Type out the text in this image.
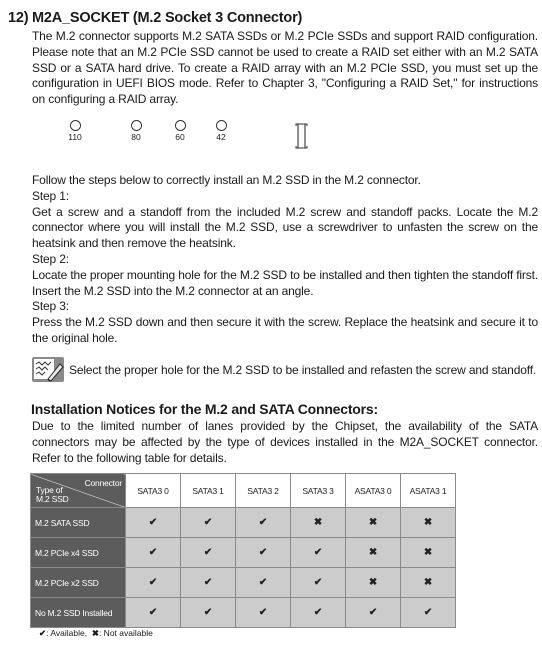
12) M2A_SOCKET (M.2 Socket 3 Connector)
The M.2 connector supports M.2 SATA SSDs or M.2 PCIe SSDs and support RAID configuration. Please note that an M.2 PCIe SSD cannot be used to create a RAID set either with an M.2 SATA SSD or a SATA hard drive. To create a RAID array with an M.2 PCIe SSD, you must set up the configuration in UEFI BIOS mode. Refer to Chapter 3, "Configuring a RAID Set," for instructions on configuring a RAID array.
110	80	60	42
Follow the steps below to correctly install an M.2 SSD in the M.2 connector.
Step 1:
Get a screw and a standoff from the included M.2 screw and standoff packs. Locate the M.2 connector where you will install the M.2 SSD, use a screwdriver to unfasten the screw on the heatsink and then remove the heatsink.
Step 2:
Locate the proper mounting hole for the M.2 SSD to be installed and then tighten the standoff first. Insert the M.2 SSD into the M.2 connector at an angle.
Step 3:
Press the M.2 SSD down and then secure it with the screw. Replace the heatsink and secure it to the original hole.
Select the proper hole for the M.2 SSD to be installed and refasten the screw and standoff.
Installation Notices for the M.2 and SATA Connectors:
Due to the limited number of lanes provided by the Chipset, the availability of the SATA connectors may be affected by the type of devices installed in the M2A_SOCKET connector. Refer to the following table for details.
Connector
Type of
M.2 SSD	SATA3 0	SATA3 1	SATA3 2	SATA3 3	ASATA3 0	ASATA3 1
M.2 SATA SSD	✔	✔	✔	✖	✖	✖
M.2 PCIe x4 SSD	✔	✔	✔	✔	✖	✖
M.2 PCIe x2 SSD	✔	✔	✔	✔	✖	✖
No M.2 SSD Installed	✔	✔	✔	✔	✔	✔
✔: Available, ✖: Not available
